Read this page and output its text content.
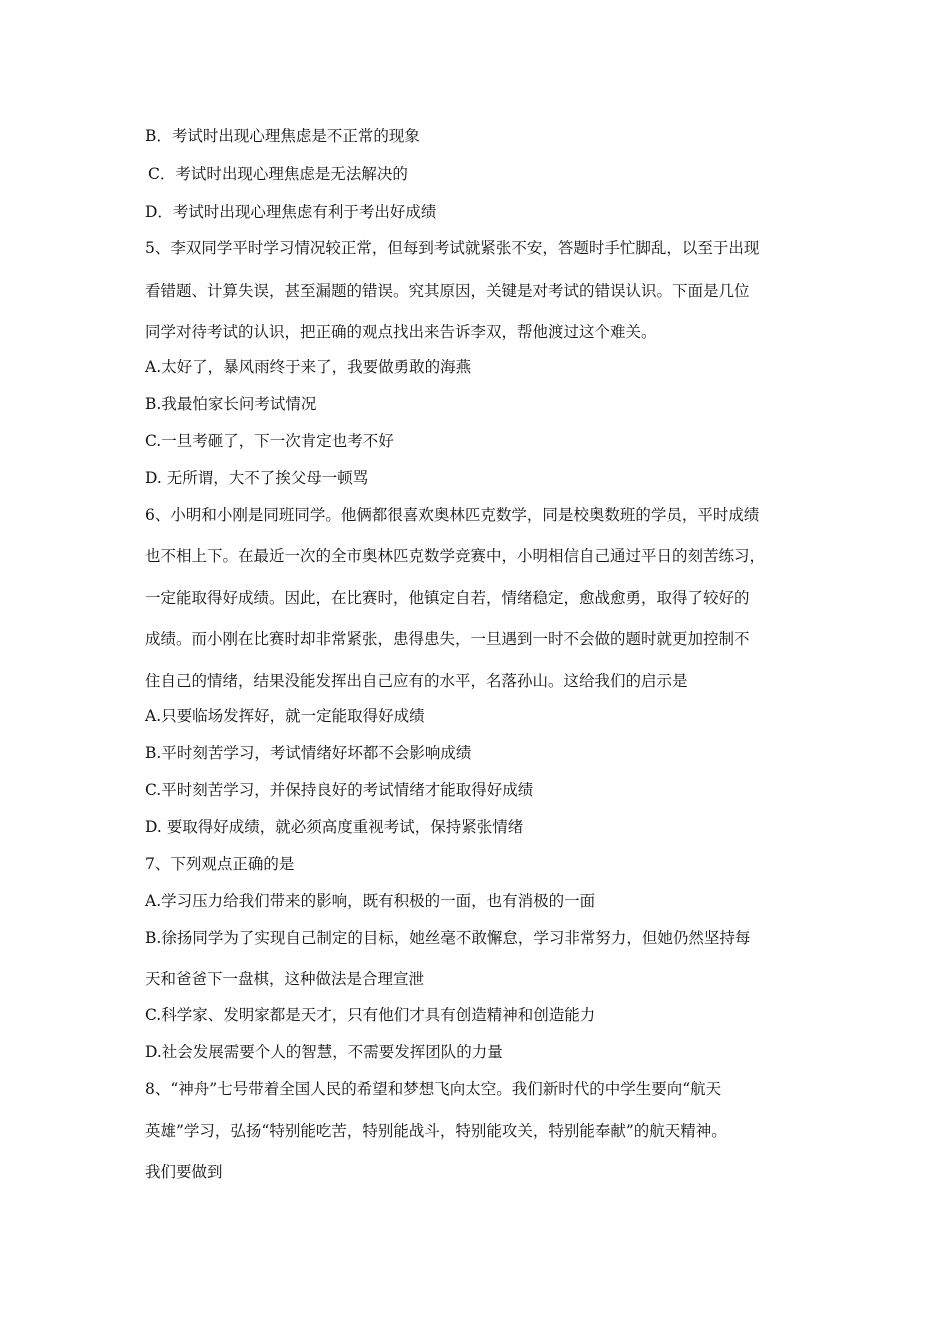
B．考试时出现心理焦虑是不正常的现象
C．考试时出现心理焦虑是无法解决的
D．考试时出现心理焦虑有利于考出好成绩
5、李双同学平时学习情况较正常，但每到考试就紧张不安，答题时手忙脚乱，以至于出现
看错题、计算失误，甚至漏题的错误。究其原因，关键是对考试的错误认识。下面是几位
同学对待考试的认识，把正确的观点找出来告诉李双，帮他渡过这个难关。
A.太好了，暴风雨终于来了，我要做勇敢的海燕
B.我最怕家长问考试情况
C.一旦考砸了，下一次肯定也考不好
D. 无所谓，大不了挨父母一顿骂
6、小明和小刚是同班同学。他俩都很喜欢奥林匹克数学，同是校奥数班的学员，平时成绩
也不相上下。在最近一次的全市奥林匹克数学竞赛中，小明相信自己通过平日的刻苦练习，
一定能取得好成绩。因此，在比赛时，他镇定自若，情绪稳定，愈战愈勇，取得了较好的
成绩。而小刚在比赛时却非常紧张，患得患失，一旦遇到一时不会做的题时就更加控制不
住自己的情绪，结果没能发挥出自己应有的水平，名落孙山。这给我们的启示是
A.只要临场发挥好，就一定能取得好成绩
B.平时刻苦学习，考试情绪好坏都不会影响成绩
C.平时刻苦学习，并保持良好的考试情绪才能取得好成绩
D. 要取得好成绩，就必须高度重视考试，保持紧张情绪
7、下列观点正确的是
A.学习压力给我们带来的影响，既有积极的一面，也有消极的一面
B.徐扬同学为了实现自己制定的目标，她丝毫不敢懈怠，学习非常努力，但她仍然坚持每
天和爸爸下一盘棋，这种做法是合理宣泄
C.科学家、发明家都是天才，只有他们才具有创造精神和创造能力
D.社会发展需要个人的智慧，不需要发挥团队的力量
8、“神舟”七号带着全国人民的希望和梦想飞向太空。我们新时代的中学生要向“航天
英雄”学习，弘扬“特别能吃苦，特别能战斗，特别能攻关，特别能奉献”的航天精神。
我们要做到
